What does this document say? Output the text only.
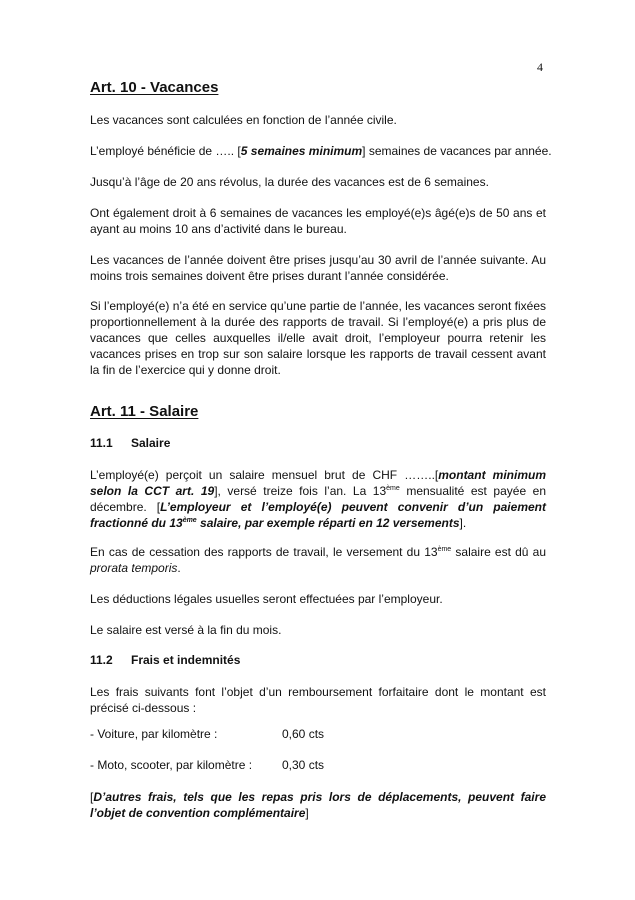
4
Art. 10 - Vacances

Les vacances sont calculées en fonction de l’année civile.

L’employé bénéficie de ….. [5 semaines minimum] semaines de vacances par année.

Jusqu’à l’âge de 20 ans révolus, la durée des vacances est de 6 semaines.

Ont également droit à 6 semaines de vacances les employé(e)s âgé(e)s de 50 ans et ayant au moins 10 ans d’activité dans le bureau.

Les vacances de l’année doivent être prises jusqu’au 30 avril de l’année suivante. Au moins trois semaines doivent être prises durant l’année considérée.

Si l’employé(e) n’a été en service qu’une partie de l’année, les vacances seront fixées proportionnellement à la durée des rapports de travail. Si l’employé(e) a pris plus de vacances que celles auxquelles il/elle avait droit, l’employeur pourra retenir les vacances prises en trop sur son salaire lorsque les rapports de travail cessent avant la fin de l’exercice qui y donne droit.

Art. 11 - Salaire
11.1 Salaire

L’employé(e) perçoit un salaire mensuel brut de CHF ……..[montant minimum selon la CCT art. 19], versé treize fois l’an. La 13ème mensualité est payée en décembre. [L’employeur et l’employé(e) peuvent convenir d’un paiement fractionné du 13ème salaire, par exemple réparti en 12 versements].

En cas de cessation des rapports de travail, le versement du 13ème salaire est dû au prorata temporis.

Les déductions légales usuelles seront effectuées par l’employeur.

Le salaire est versé à la fin du mois.

11.2 Frais et indemnités

Les frais suivants font l’objet d’un remboursement forfaitaire dont le montant est précisé ci-dessous :

- Voiture, par kilomètre :	0,60 cts
- Moto, scooter, par kilomètre : 0,30 cts

[D’autres frais, tels que les repas pris lors de déplacements, peuvent faire l’objet de convention complémentaire]
